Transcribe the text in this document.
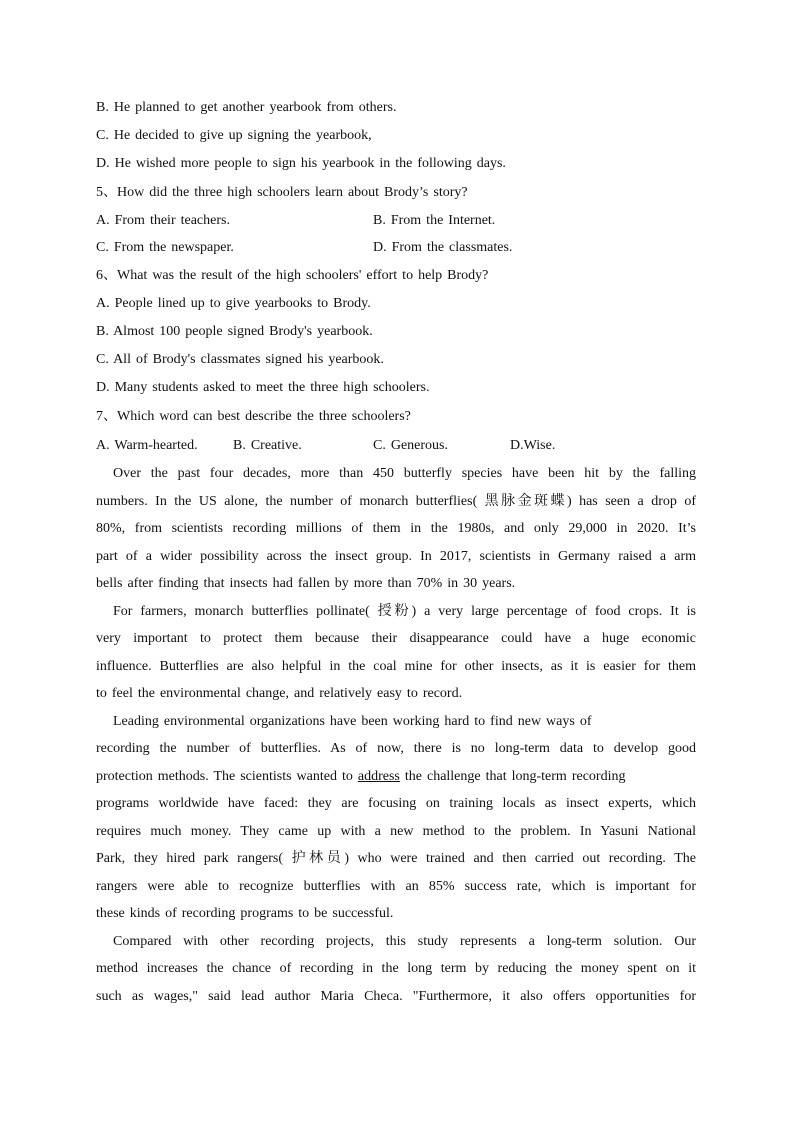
B. He planned to get another yearbook from others.
C. He decided to give up signing the yearbook,
D. He wished more people to sign his yearbook in the following days.
5、How did the three high schoolers learn about Brody’s story?
A. From their teachers.	B. From the Internet.
C. From the newspaper.	D. From the classmates.
6、What was the result of the high schoolers' effort to help Brody?
A. People lined up to give yearbooks to Brody.
B. Almost 100 people signed Brody's yearbook.
C. All of Brody's classmates signed his yearbook.
D. Many students asked to meet the three high schoolers.
7、Which word can best describe the three schoolers?
A. Warm-hearted.	B. Creative.	C. Generous.	D.Wise.
Over the past four decades, more than 450 butterfly species have been hit by the falling
numbers. In the US alone, the number of monarch butterflies( 黑脉金斑蝶) has seen a drop of
80%, from scientists recording millions of them in the 1980s, and only 29,000 in 2020. It’s
part of a wider possibility across the insect group. In 2017, scientists in Germany raised a arm
bells after finding that insects had fallen by more than 70% in 30 years.
For farmers, monarch butterflies pollinate( 授粉) a very large percentage of food crops. It is
very important to protect them because their disappearance could have a huge economic
influence. Butterflies are also helpful in the coal mine for other insects, as it is easier for them
to feel the environmental change, and relatively easy to record.
Leading environmental organizations have been working hard to find new ways of
recording the number of butterflies. As of now, there is no long-term data to develop good
protection methods. The scientists wanted to address the challenge that long-term recording
programs worldwide have faced: they are focusing on training locals as insect experts, which
requires much money. They came up with a new method to the problem. In Yasuni National
Park, they hired park rangers( 护林员) who were trained and then carried out recording. The
rangers were able to recognize butterflies with an 85% success rate, which is important for
these kinds of recording programs to be successful.
Compared with other recording projects, this study represents a long-term solution. Our
method increases the chance of recording in the long term by reducing the money spent on it
such as wages," said lead author Maria Checa. "Furthermore, it also offers opportunities for
